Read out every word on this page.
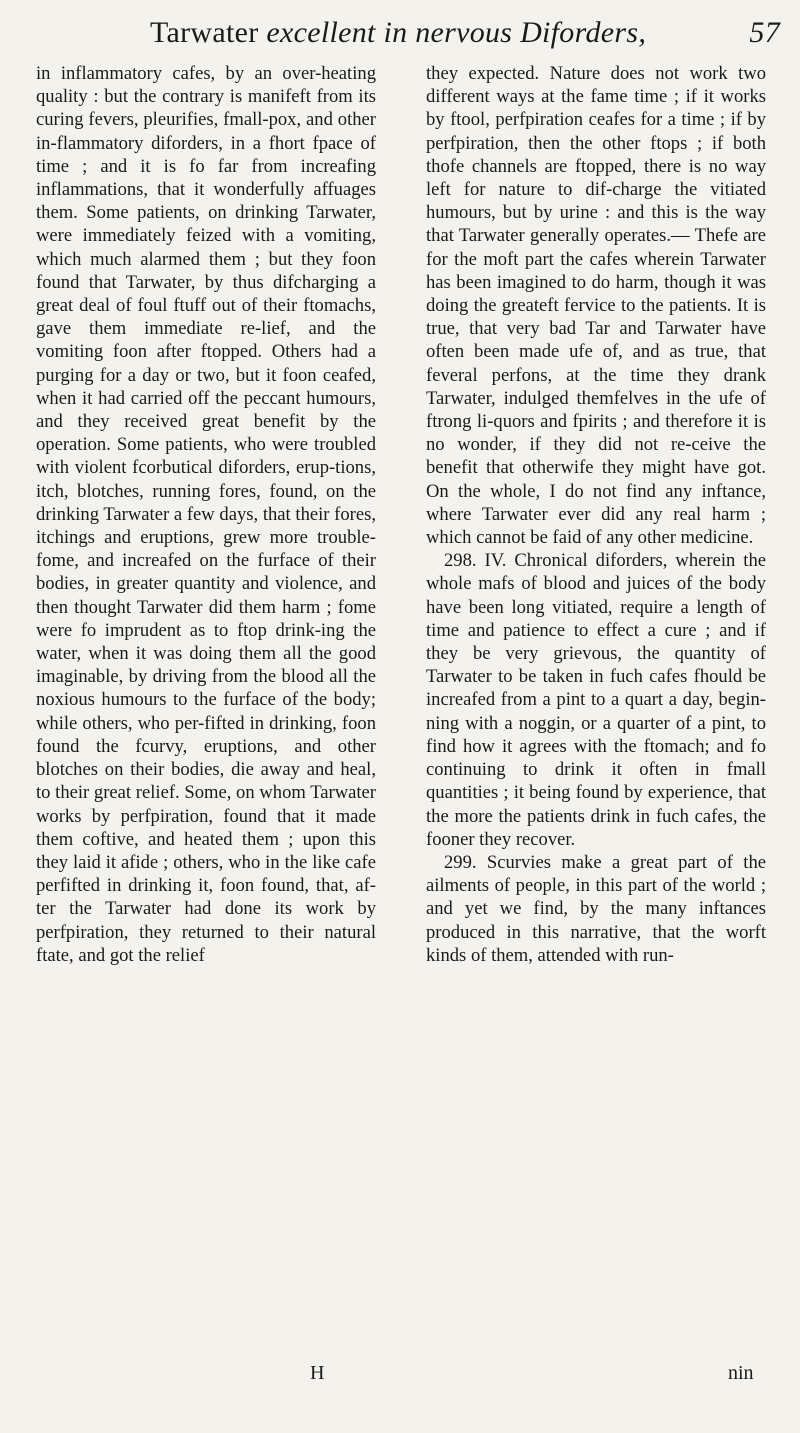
Tarwater excellent in nervous Diforders,	57

in inflammatory cafes, by an over-heating quality : but the contrary is manifeft from its curing fevers, pleurifies, fmall-pox, and other in-flammatory diforders, in a fhort fpace of time ; and it is fo far from increafing inflammations, that it wonderfully affuages them. Some patients, on drinking Tarwater, were immediately feized with a vomiting, which much alarmed them ; but they foon found that Tarwater, by thus difcharging a great deal of foul ftuff out of their ftomachs, gave them immediate re-lief, and the vomiting foon after ftopped. Others had a purging for a day or two, but it foon ceafed, when it had carried off the peccant humours, and they received great benefit by the operation. Some patients, who were troubled with violent fcorbutical diforders, erup-tions, itch, blotches, running fores, found, on the drinking Tarwater a few days, that their fores, itchings and eruptions, grew more trouble-fome, and increafed on the furface of their bodies, in greater quantity and violence, and then thought Tarwater did them harm ; fome were fo imprudent as to ftop drink-ing the water, when it was doing them all the good imaginable, by driving from the blood all the noxious humours to the furface of the body; while others, who per-fifted in drinking, foon found the fcurvy, eruptions, and other blotches on their bodies, die away and heal, to their great relief. Some, on whom Tarwater works by perfpiration, found that it made them coftive, and heated them ; upon this they laid it afide ; others, who in the like cafe perfifted in drinking it, foon found, that, af-ter the Tarwater had done its work by perfpiration, they returned to their natural ftate, and got the relief

they expected. Nature does not work two different ways at the fame time ; if it works by ftool, perfpiration ceafes for a time ; if by perfpiration, then the other ftops ; if both thofe channels are ftopped, there is no way left for nature to dif-charge the vitiated humours, but by urine : and this is the way that Tarwater generally operates.— Thefe are for the moft part the cafes wherein Tarwater has been imagined to do harm, though it was doing the greateft fervice to the patients. It is true, that very bad Tar and Tarwater have often been made ufe of, and as true, that feveral perfons, at the time they drank Tarwater, indulged themfelves in the ufe of ftrong li-quors and fpirits ; and therefore it is no wonder, if they did not re-ceive the benefit that otherwife they might have got. On the whole, I do not find any inftance, where Tarwater ever did any real harm ; which cannot be faid of any other medicine.

298. IV. Chronical diforders, wherein the whole mafs of blood and juices of the body have been long vitiated, require a length of time and patience to effect a cure ; and if they be very grievous, the quantity of Tarwater to be taken in fuch cafes fhould be increafed from a pint to a quart a day, begin-ning with a noggin, or a quarter of a pint, to find how it agrees with the ftomach; and fo continuing to drink it often in fmall quantities ; it being found by experience, that the more the patients drink in fuch cafes, the fooner they recover.

299. Scurvies make a great part of the ailments of people, in this part of the world ; and yet we find, by the many inftances produced in this narrative, that the worft kinds of them, attended with run-

H	nin
